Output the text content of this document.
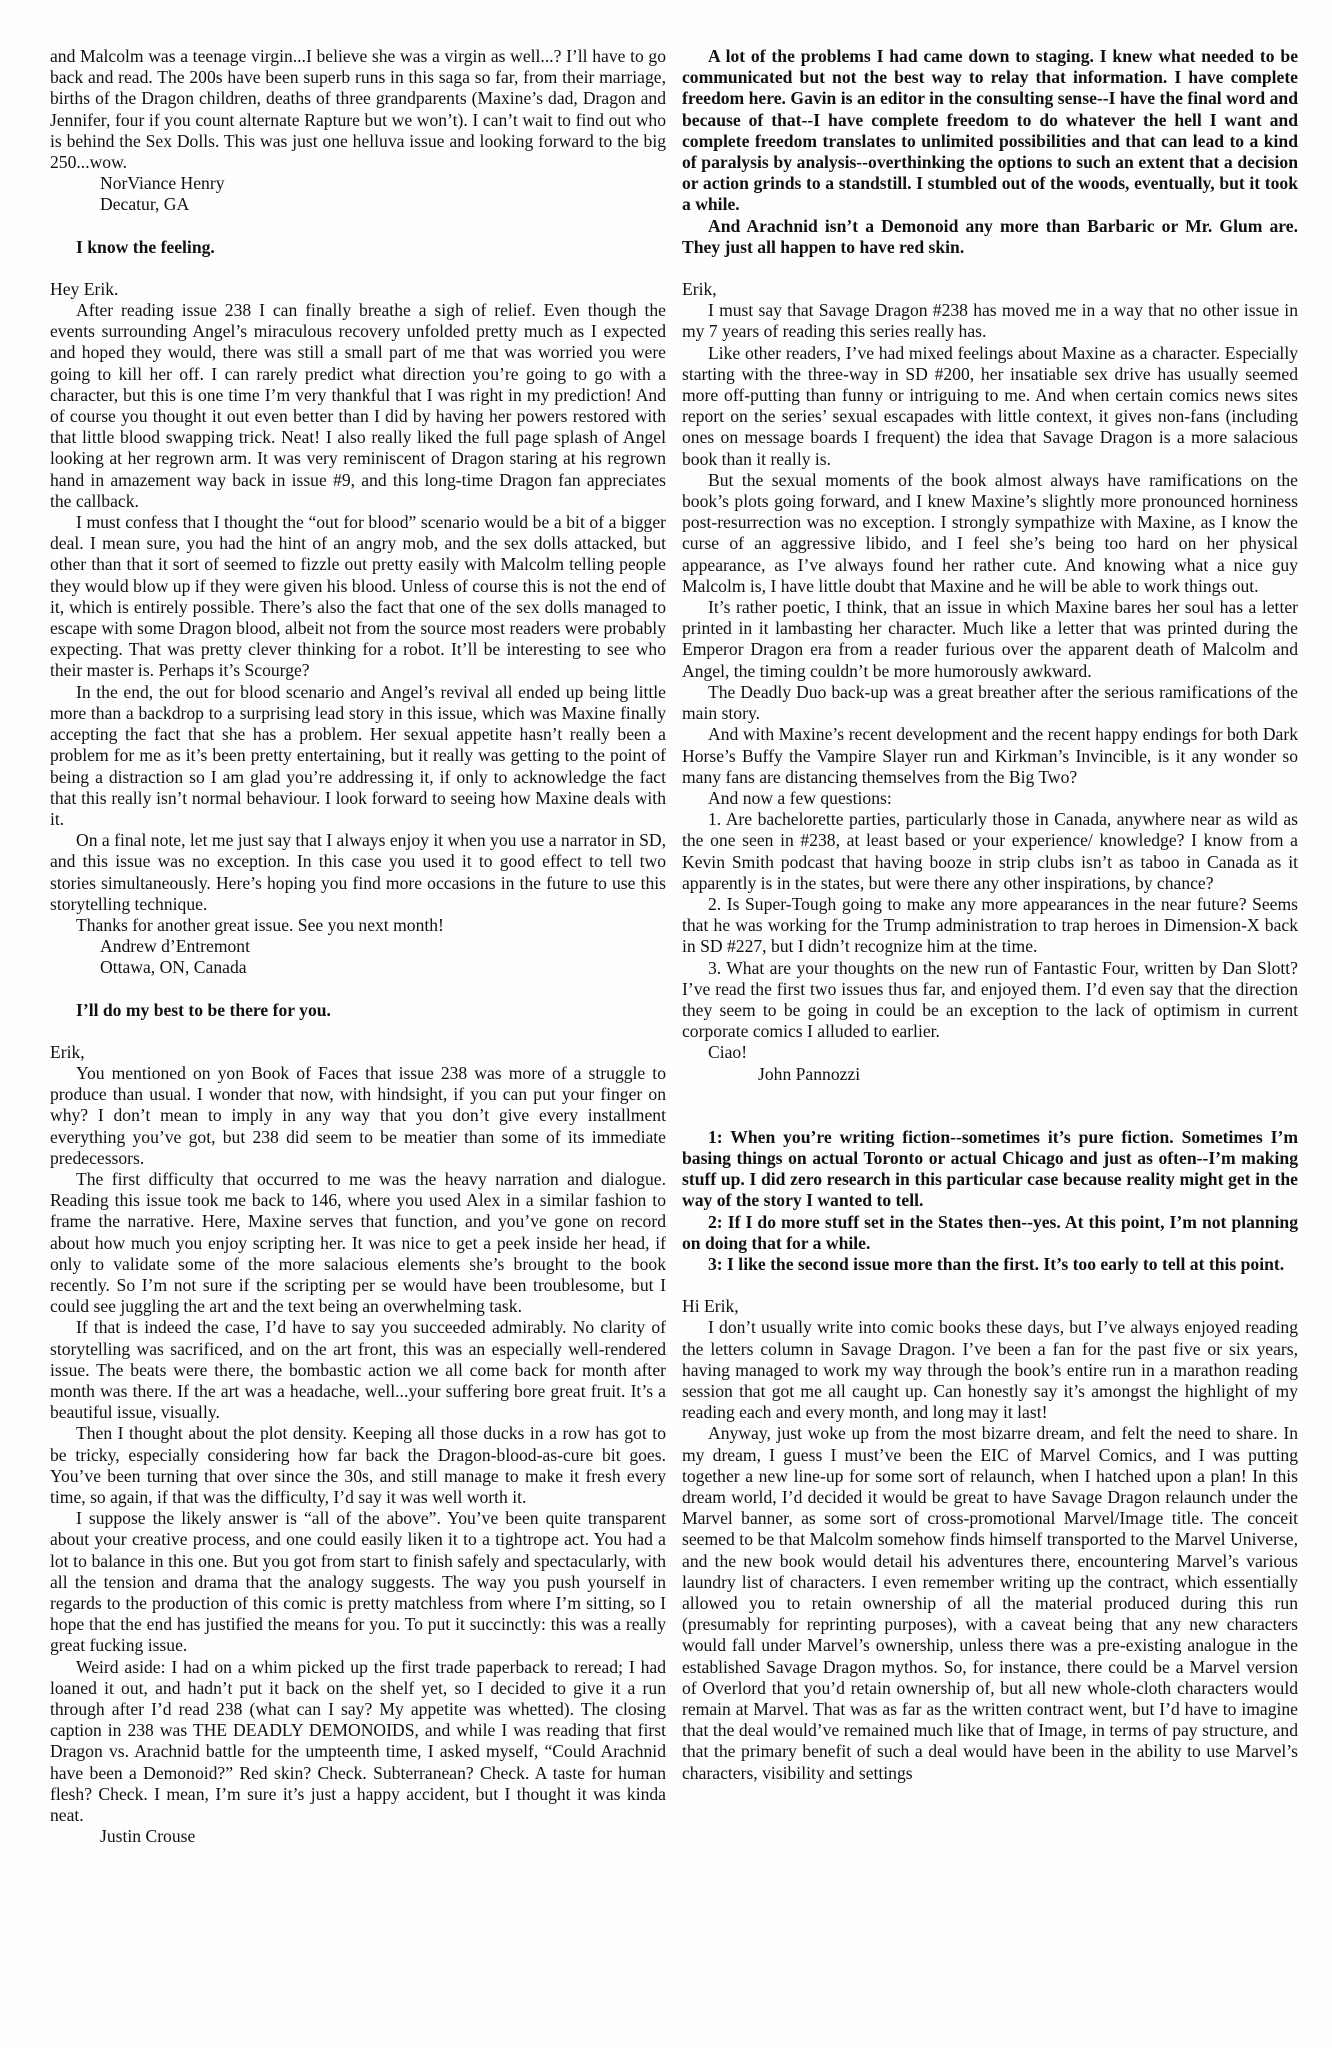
and Malcolm was a teenage virgin...I believe she was a virgin as well...? I’ll have to go back and read. The 200s have been superb runs in this saga so far, from their marriage, births of the Dragon children, deaths of three grandparents (Maxine’s dad, Dragon and Jennifer, four if you count alternate Rapture but we won’t). I can’t wait to find out who is behind the Sex Dolls. This was just one helluva issue and looking forward to the big 250...wow.

NorViance Henry

Decatur, GA

I know the feeling.

Hey Erik.

After reading issue 238 I can finally breathe a sigh of relief. Even though the events surrounding Angel’s miraculous recovery unfolded pretty much as I expected and hoped they would, there was still a small part of me that was worried you were going to kill her off. I can rarely predict what direction you’re going to go with a character, but this is one time I’m very thankful that I was right in my prediction! And of course you thought it out even better than I did by having her powers restored with that little blood swapping trick. Neat! I also really liked the full page splash of Angel looking at her regrown arm. It was very reminiscent of Dragon staring at his regrown hand in amazement way back in issue #9, and this long-time Dragon fan appreciates the callback.

I must confess that I thought the “out for blood” scenario would be a bit of a bigger deal. I mean sure, you had the hint of an angry mob, and the sex dolls attacked, but other than that it sort of seemed to fizzle out pretty easily with Malcolm telling people they would blow up if they were given his blood. Unless of course this is not the end of it, which is entirely possible. There’s also the fact that one of the sex dolls managed to escape with some Dragon blood, albeit not from the source most readers were probably expecting. That was pretty clever thinking for a robot. It’ll be interesting to see who their master is. Perhaps it’s Scourge?

In the end, the out for blood scenario and Angel’s revival all ended up being little more than a backdrop to a surprising lead story in this issue, which was Maxine finally accepting the fact that she has a problem. Her sexual appetite hasn’t really been a problem for me as it’s been pretty entertaining, but it really was getting to the point of being a distraction so I am glad you’re addressing it, if only to acknowledge the fact that this really isn’t normal behaviour. I look forward to seeing how Maxine deals with it.

On a final note, let me just say that I always enjoy it when you use a narrator in SD, and this issue was no exception. In this case you used it to good effect to tell two stories simultaneously. Here’s hoping you find more occasions in the future to use this storytelling technique.

Thanks for another great issue. See you next month!

Andrew d’Entremont

Ottawa, ON, Canada

I’ll do my best to be there for you.

Erik,

You mentioned on yon Book of Faces that issue 238 was more of a struggle to produce than usual. I wonder that now, with hindsight, if you can put your finger on why? I don’t mean to imply in any way that you don’t give every installment everything you’ve got, but 238 did seem to be meatier than some of its immediate predecessors.

The first difficulty that occurred to me was the heavy narration and dialogue. Reading this issue took me back to 146, where you used Alex in a similar fashion to frame the narrative. Here, Maxine serves that function, and you’ve gone on record about how much you enjoy scripting her. It was nice to get a peek inside her head, if only to validate some of the more salacious elements she’s brought to the book recently. So I’m not sure if the scripting per se would have been troublesome, but I could see juggling the art and the text being an overwhelming task.

If that is indeed the case, I’d have to say you succeeded admirably. No clarity of storytelling was sacrificed, and on the art front, this was an especially well-rendered issue. The beats were there, the bombastic action we all come back for month after month was there. If the art was a headache, well...your suffering bore great fruit. It’s a beautiful issue, visually.

Then I thought about the plot density. Keeping all those ducks in a row has got to be tricky, especially considering how far back the Dragon-blood-as-cure bit goes. You’ve been turning that over since the 30s, and still manage to make it fresh every time, so again, if that was the difficulty, I’d say it was well worth it.

I suppose the likely answer is “all of the above”. You’ve been quite transparent about your creative process, and one could easily liken it to a tightrope act. You had a lot to balance in this one. But you got from start to finish safely and spectacularly, with all the tension and drama that the analogy suggests. The way you push yourself in regards to the production of this comic is pretty matchless from where I’m sitting, so I hope that the end has justified the means for you. To put it succinctly: this was a really great fucking issue.

Weird aside: I had on a whim picked up the first trade paperback to reread; I had loaned it out, and hadn’t put it back on the shelf yet, so I decided to give it a run through after I’d read 238 (what can I say? My appetite was whetted). The closing caption in 238 was THE DEADLY DEMONOIDS, and while I was reading that first Dragon vs. Arachnid battle for the umpteenth time, I asked myself, “Could Arachnid have been a Demonoid?” Red skin? Check. Subterranean? Check. A taste for human flesh? Check. I mean, I’m sure it’s just a happy accident, but I thought it was kinda neat.

Justin Crouse

A lot of the problems I had came down to staging. I knew what needed to be communicated but not the best way to relay that information. I have complete freedom here. Gavin is an editor in the consulting sense--I have the final word and because of that--I have complete freedom to do whatever the hell I want and complete freedom translates to unlimited possibilities and that can lead to a kind of paralysis by analysis--overthinking the options to such an extent that a decision or action grinds to a standstill. I stumbled out of the woods, eventually, but it took a while.

And Arachnid isn’t a Demonoid any more than Barbaric or Mr. Glum are. They just all happen to have red skin.

Erik,

I must say that Savage Dragon #238 has moved me in a way that no other issue in my 7 years of reading this series really has.

Like other readers, I’ve had mixed feelings about Maxine as a character. Especially starting with the three-way in SD #200, her insatiable sex drive has usually seemed more off-putting than funny or intriguing to me. And when certain comics news sites report on the series’ sexual escapades with little context, it gives non-fans (including ones on message boards I frequent) the idea that Savage Dragon is a more salacious book than it really is.

But the sexual moments of the book almost always have ramifications on the book’s plots going forward, and I knew Maxine’s slightly more pronounced horniness post-resurrection was no exception. I strongly sympathize with Maxine, as I know the curse of an aggressive libido, and I feel she’s being too hard on her physical appearance, as I’ve always found her rather cute. And knowing what a nice guy Malcolm is, I have little doubt that Maxine and he will be able to work things out.

It’s rather poetic, I think, that an issue in which Maxine bares her soul has a letter printed in it lambasting her character. Much like a letter that was printed during the Emperor Dragon era from a reader furious over the apparent death of Malcolm and Angel, the timing couldn’t be more humorously awkward.

The Deadly Duo back-up was a great breather after the serious ramifications of the main story.

And with Maxine’s recent development and the recent happy endings for both Dark Horse’s Buffy the Vampire Slayer run and Kirkman’s Invincible, is it any wonder so many fans are distancing themselves from the Big Two?

And now a few questions:

1. Are bachelorette parties, particularly those in Canada, anywhere near as wild as the one seen in #238, at least based or your experience/ knowledge? I know from a Kevin Smith podcast that having booze in strip clubs isn’t as taboo in Canada as it apparently is in the states, but were there any other inspirations, by chance?

2. Is Super-Tough going to make any more appearances in the near future? Seems that he was working for the Trump administration to trap heroes in Dimension-X back in SD #227, but I didn’t recognize him at the time.

3. What are your thoughts on the new run of Fantastic Four, written by Dan Slott? I’ve read the first two issues thus far, and enjoyed them. I’d even say that the direction they seem to be going in could be an exception to the lack of optimism in current corporate comics I alluded to earlier.

Ciao!

John Pannozzi

1: When you’re writing fiction--sometimes it’s pure fiction. Sometimes I’m basing things on actual Toronto or actual Chicago and just as often--I’m making stuff up. I did zero research in this particular case because reality might get in the way of the story I wanted to tell.

2: If I do more stuff set in the States then--yes. At this point, I’m not planning on doing that for a while.

3: I like the second issue more than the first. It’s too early to tell at this point.

Hi Erik,

I don’t usually write into comic books these days, but I’ve always enjoyed reading the letters column in Savage Dragon. I’ve been a fan for the past five or six years, having managed to work my way through the book’s entire run in a marathon reading session that got me all caught up. Can honestly say it’s amongst the highlight of my reading each and every month, and long may it last!

Anyway, just woke up from the most bizarre dream, and felt the need to share. In my dream, I guess I must’ve been the EIC of Marvel Comics, and I was putting together a new line-up for some sort of relaunch, when I hatched upon a plan! In this dream world, I’d decided it would be great to have Savage Dragon relaunch under the Marvel banner, as some sort of cross-promotional Marvel/Image title. The conceit seemed to be that Malcolm somehow finds himself transported to the Marvel Universe, and the new book would detail his adventures there, encountering Marvel’s various laundry list of characters. I even remember writing up the contract, which essentially allowed you to retain ownership of all the material produced during this run (presumably for reprinting purposes), with a caveat being that any new characters would fall under Marvel’s ownership, unless there was a pre-existing analogue in the established Savage Dragon mythos. So, for instance, there could be a Marvel version of Overlord that you’d retain ownership of, but all new whole-cloth characters would remain at Marvel. That was as far as the written contract went, but I’d have to imagine that the deal would’ve remained much like that of Image, in terms of pay structure, and that the primary benefit of such a deal would have been in the ability to use Marvel’s characters, visibility and settings
